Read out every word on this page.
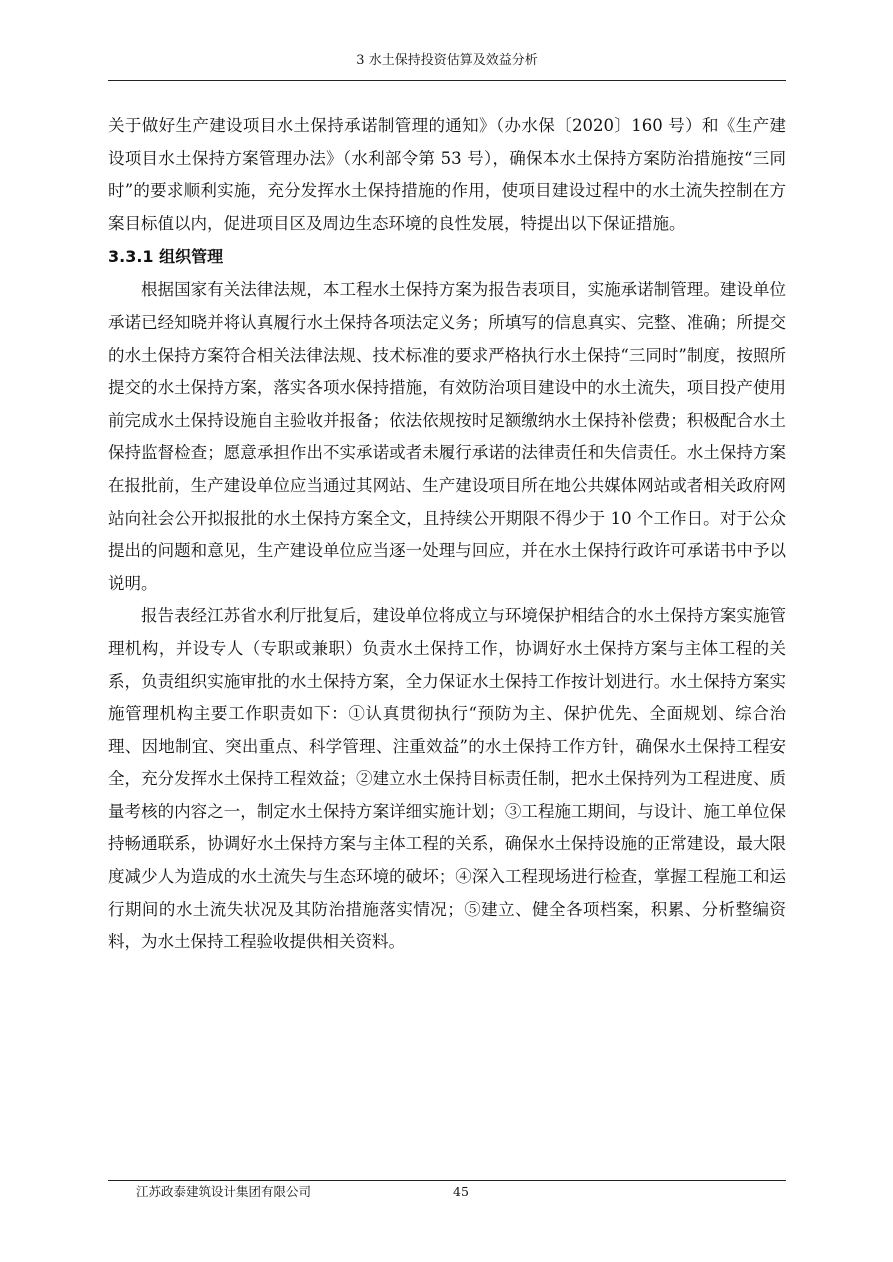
3 水土保持投资估算及效益分析

关于做好生产建设项目水土保持承诺制管理的通知》（办水保〔2020〕160 号）和《生产建设项目水土保持方案管理办法》（水利部令第 53 号），确保本水土保持方案防治措施按“三同时”的要求顺利实施，充分发挥水土保持措施的作用，使项目建设过程中的水土流失控制在方案目标值以内，促进项目区及周边生态环境的良性发展，特提出以下保证措施。

3.3.1 组织管理

根据国家有关法律法规，本工程水土保持方案为报告表项目，实施承诺制管理。建设单位承诺已经知晓并将认真履行水土保持各项法定义务；所填写的信息真实、完整、准确；所提交的水土保持方案符合相关法律法规、技术标准的要求严格执行水土保持“三同时”制度，按照所提交的水土保持方案，落实各项水保持措施，有效防治项目建设中的水土流失，项目投产使用前完成水土保持设施自主验收并报备；依法依规按时足额缴纳水土保持补偿费；积极配合水土保持监督检查；愿意承担作出不实承诺或者未履行承诺的法律责任和失信责任。水土保持方案在报批前，生产建设单位应当通过其网站、生产建设项目所在地公共媒体网站或者相关政府网站向社会公开拟报批的水土保持方案全文，且持续公开期限不得少于 10 个工作日。对于公众提出的问题和意见，生产建设单位应当逐一处理与回应，并在水土保持行政许可承诺书中予以说明。

报告表经江苏省水利厅批复后，建设单位将成立与环境保护相结合的水土保持方案实施管理机构，并设专人（专职或兼职）负责水土保持工作，协调好水土保持方案与主体工程的关系，负责组织实施审批的水土保持方案，全力保证水土保持工作按计划进行。水土保持方案实施管理机构主要工作职责如下：①认真贯彻执行“预防为主、保护优先、全面规划、综合治理、因地制宜、突出重点、科学管理、注重效益”的水土保持工作方针，确保水土保持工程安全，充分发挥水土保持工程效益；②建立水土保持目标责任制，把水土保持列为工程进度、质量考核的内容之一，制定水土保持方案详细实施计划；③工程施工期间，与设计、施工单位保持畅通联系，协调好水土保持方案与主体工程的关系，确保水土保持设施的正常建设，最大限度减少人为造成的水土流失与生态环境的破坏；④深入工程现场进行检查，掌握工程施工和运行期间的水土流失状况及其防治措施落实情况；⑤建立、健全各项档案，积累、分析整编资料，为水土保持工程验收提供相关资料。

江苏政泰建筑设计集团有限公司	45
